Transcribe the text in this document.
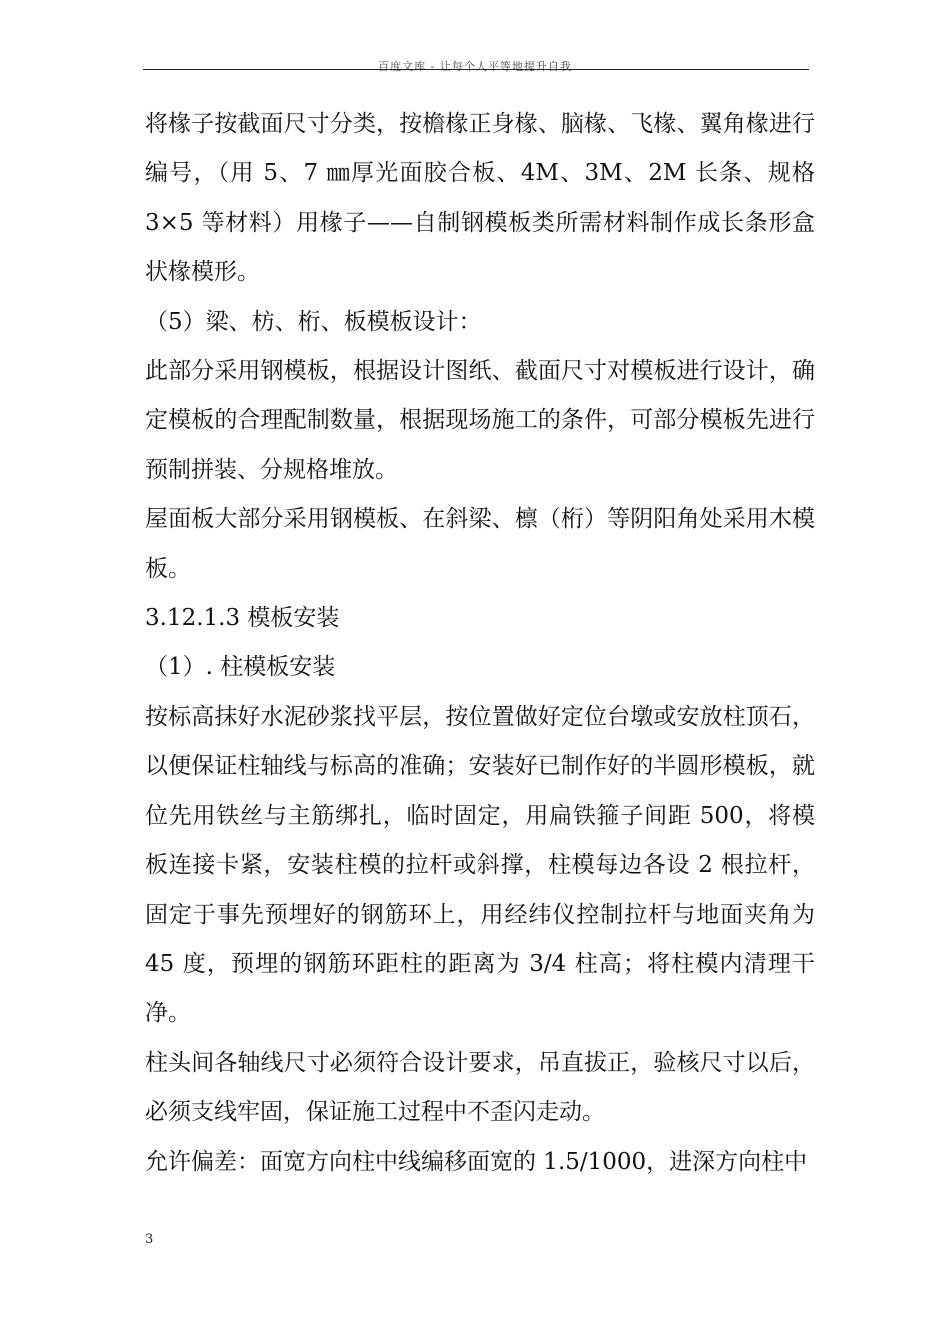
百度文库 - 让每个人平等地提升自我

将椽子按截面尺寸分类，按檐椽正身椽、脑椽、飞椽、翼角椽进行编号，（用 5、7 ㎜厚光面胶合板、4M、3M、2M 长条、规格 3×5 等材料）用椽子——自制钢模板类所需材料制作成长条形盒状椽模形。

（5）梁、枋、桁、板模板设计：

此部分采用钢模板，根据设计图纸、截面尺寸对模板进行设计，确定模板的合理配制数量，根据现场施工的条件，可部分模板先进行预制拼装、分规格堆放。

屋面板大部分采用钢模板、在斜梁、檩（桁）等阴阳角处采用木模板。

3.12.1.3 模板安装

（1）. 柱模板安装

按标高抹好水泥砂浆找平层，按位置做好定位台墩或安放柱顶石，以便保证柱轴线与标高的准确；安装好已制作好的半圆形模板，就位先用铁丝与主筋绑扎，临时固定，用扁铁箍子间距 500，将模板连接卡紧，安装柱模的拉杆或斜撑，柱模每边各设 2 根拉杆，固定于事先预埋好的钢筋环上，用经纬仪控制拉杆与地面夹角为 45 度，预埋的钢筋环距柱的距离为 3/4 柱高；将柱模内清理干净。

柱头间各轴线尺寸必须符合设计要求，吊直拔正，验核尺寸以后，必须支线牢固，保证施工过程中不歪闪走动。

允许偏差：面宽方向柱中线编移面宽的 1.5/1000，进深方向柱中

3
